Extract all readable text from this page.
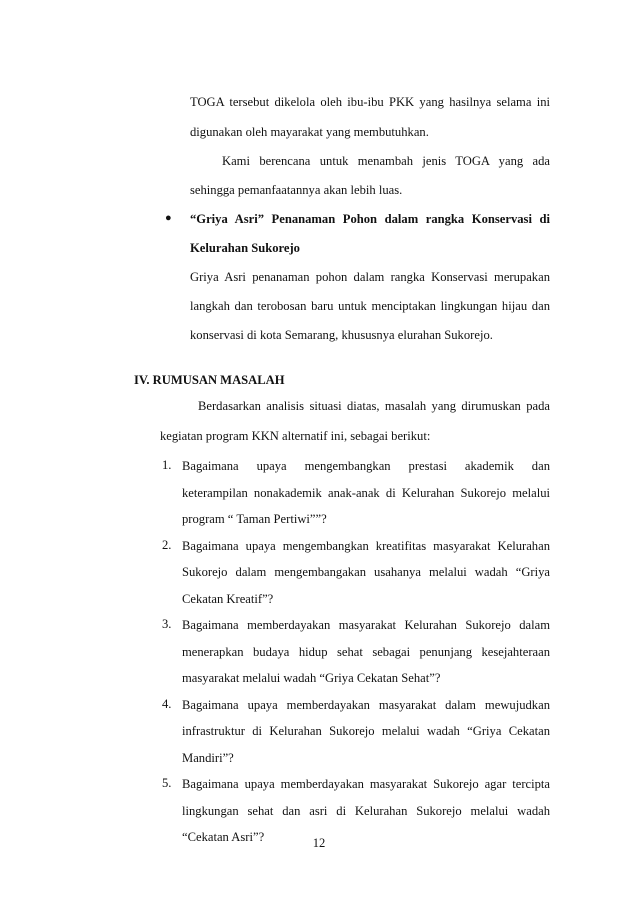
TOGA tersebut dikelola oleh ibu-ibu PKK yang hasilnya selama ini
digunakan oleh mayarakat yang membutuhkan.
Kami berencana untuk menambah jenis TOGA yang ada
sehingga pemanfaatannya akan lebih luas.
● “Griya Asri” Penanaman Pohon dalam rangka Konservasi di
Kelurahan Sukorejo
Griya Asri penanaman pohon dalam rangka Konservasi merupakan
langkah dan terobosan baru untuk menciptakan lingkungan hijau dan
konservasi di kota Semarang, khususnya elurahan Sukorejo.
IV. RUMUSAN MASALAH
Berdasarkan analisis situasi diatas, masalah yang dirumuskan pada
kegiatan program KKN alternatif ini, sebagai berikut:
1. Bagaimana upaya mengembangkan prestasi akademik dan
keterampilan nonakademik anak-anak di Kelurahan Sukorejo melalui
program “ Taman Pertiwi””?
2. Bagaimana upaya mengembangkan kreatifitas masyarakat Kelurahan
Sukorejo dalam mengembangakan usahanya melalui wadah “Griya
Cekatan Kreatif”?
3. Bagaimana memberdayakan masyarakat Kelurahan Sukorejo dalam
menerapkan budaya hidup sehat sebagai penunjang kesejahteraan
masyarakat melalui wadah “Griya Cekatan Sehat”?
4. Bagaimana upaya memberdayakan masyarakat dalam mewujudkan
infrastruktur di Kelurahan Sukorejo melalui wadah “Griya Cekatan
Mandiri”?
5. Bagaimana upaya memberdayakan masyarakat Sukorejo agar tercipta
lingkungan sehat dan asri di Kelurahan Sukorejo melalui wadah
“Cekatan Asri”?	12
